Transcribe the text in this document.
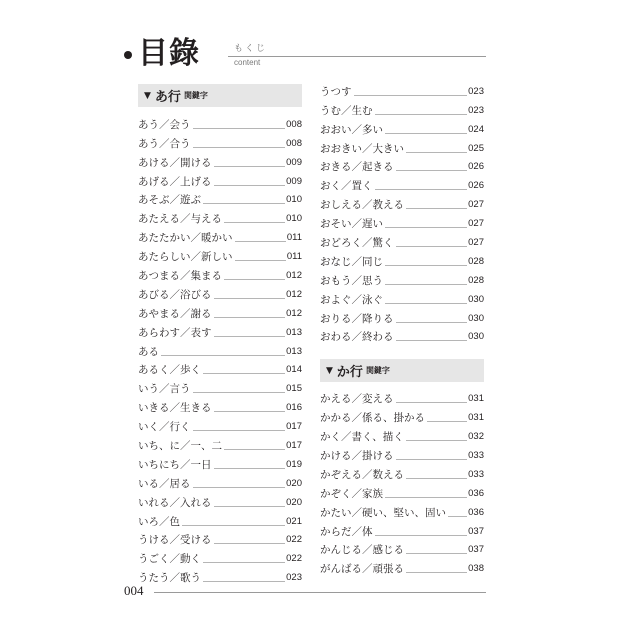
目錄	もくじ
content
▼ あ行 関鍵字
あう／会う	008
あう／合う	008
あける／開ける	009
あげる／上げる	009
あそぶ／遊ぶ	010
あたえる／与える	010
あたたかい／暖かい	011
あたらしい／新しい	011
あつまる／集まる	012
あびる／浴びる	012
あやまる／謝る	012
あらわす／表す	013
ある	013
あるく／歩く	014
いう／言う	015
いきる／生きる	016
いく／行く	017
いち、に／一、二	017
いちにち／一日	019
いる／居る	020
いれる／入れる	020
いろ／色	021
うける／受ける	022
うごく／動く	022
うたう／歌う	023
うつす	023
うむ／生む	023
おおい／多い	024
おおきい／大きい	025
おきる／起きる	026
おく／置く	026
おしえる／教える	027
おそい／遅い	027
おどろく／驚く	027
おなじ／同じ	028
おもう／思う	028
およぐ／泳ぐ	030
おりる／降りる	030
おわる／終わる	030
▼ か行 関鍵字
かえる／変える	031
かかる／係る、掛かる	031
かく／書く、描く	032
かける／掛ける	033
かぞえる／数える	033
かぞく／家族	036
かたい／硬い、堅い、固い 036
からだ／体	037
かんじる／感じる	037
がんばる／頑張る	038
004
